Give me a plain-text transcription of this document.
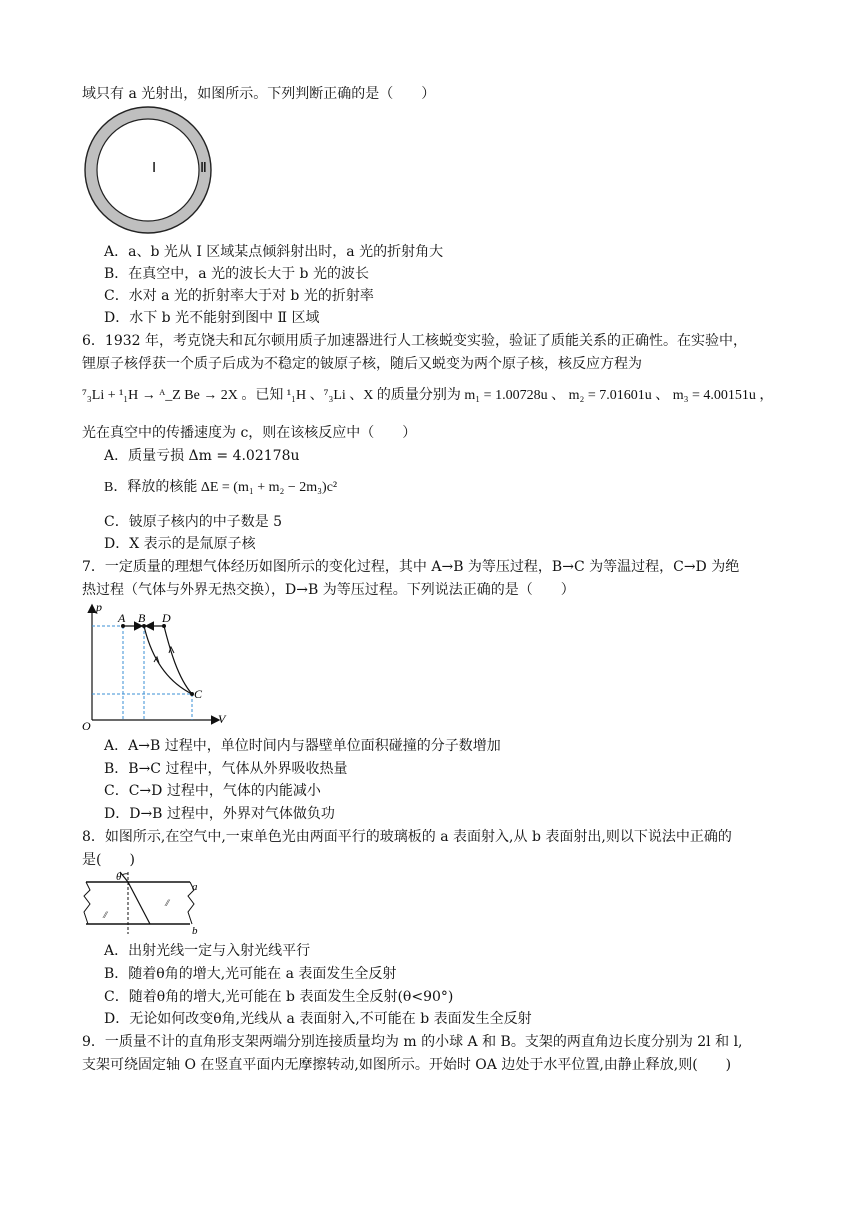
域只有 a 光射出，如图所示。下列判断正确的是（　　）
Ⅰ	Ⅱ
A．a、b 光从 Ⅰ 区域某点倾斜射出时，a 光的折射角大
B．在真空中，a 光的波长大于 b 光的波长
C．水对 a 光的折射率大于对 b 光的折射率
D．水下 b 光不能射到图中 Ⅱ 区域
6．1932 年，考克饶夫和瓦尔顿用质子加速器进行人工核蜕变实验，验证了质能关系的正确性。在实验中，
锂原子核俘获一个质子后成为不稳定的铍原子核，随后又蜕变为两个原子核，核反应方程为
⁷₃Li + ¹₁H → ᴬ_Z Be → 2X 。已知 ¹₁H 、⁷₃Li 、X 的质量分别为 m₁ = 1.00728u 、 m₂ = 7.01601u 、 m₃ = 4.00151u ，
光在真空中的传播速度为 c，则在该核反应中（　　）
A．质量亏损 Δm = 4.02178u
B．释放的核能 ΔE = (m₁ + m₂ − 2m₃)c²
C．铍原子核内的中子数是 5
D．X 表示的是氚原子核
7．一定质量的理想气体经历如图所示的变化过程，其中 A→B 为等压过程，B→C 为等温过程，C→D 为绝
热过程（气体与外界无热交换），D→B 为等压过程。下列说法正确的是（　　）
p
V
O
A B D
C
A．A→B 过程中，单位时间内与器壁单位面积碰撞的分子数增加
B．B→C 过程中，气体从外界吸收热量
C．C→D 过程中，气体的内能减小
D．D→B 过程中，外界对气体做负功
8．如图所示,在空气中,一束单色光由两面平行的玻璃板的 a 表面射入,从 b 表面射出,则以下说法中正确的
是(　　)
θ
a
b
⁄⁄
⁄⁄
A．出射光线一定与入射光线平行
B．随着θ角的增大,光可能在 a 表面发生全反射
C．随着θ角的增大,光可能在 b 表面发生全反射(θ<90°)
D．无论如何改变θ角,光线从 a 表面射入,不可能在 b 表面发生全反射
9．一质量不计的直角形支架两端分别连接质量均为 m 的小球 A 和 B。支架的两直角边长度分别为 2l 和 l,
支架可绕固定轴 O 在竖直平面内无摩擦转动,如图所示。开始时 OA 边处于水平位置,由静止释放,则(　　)
